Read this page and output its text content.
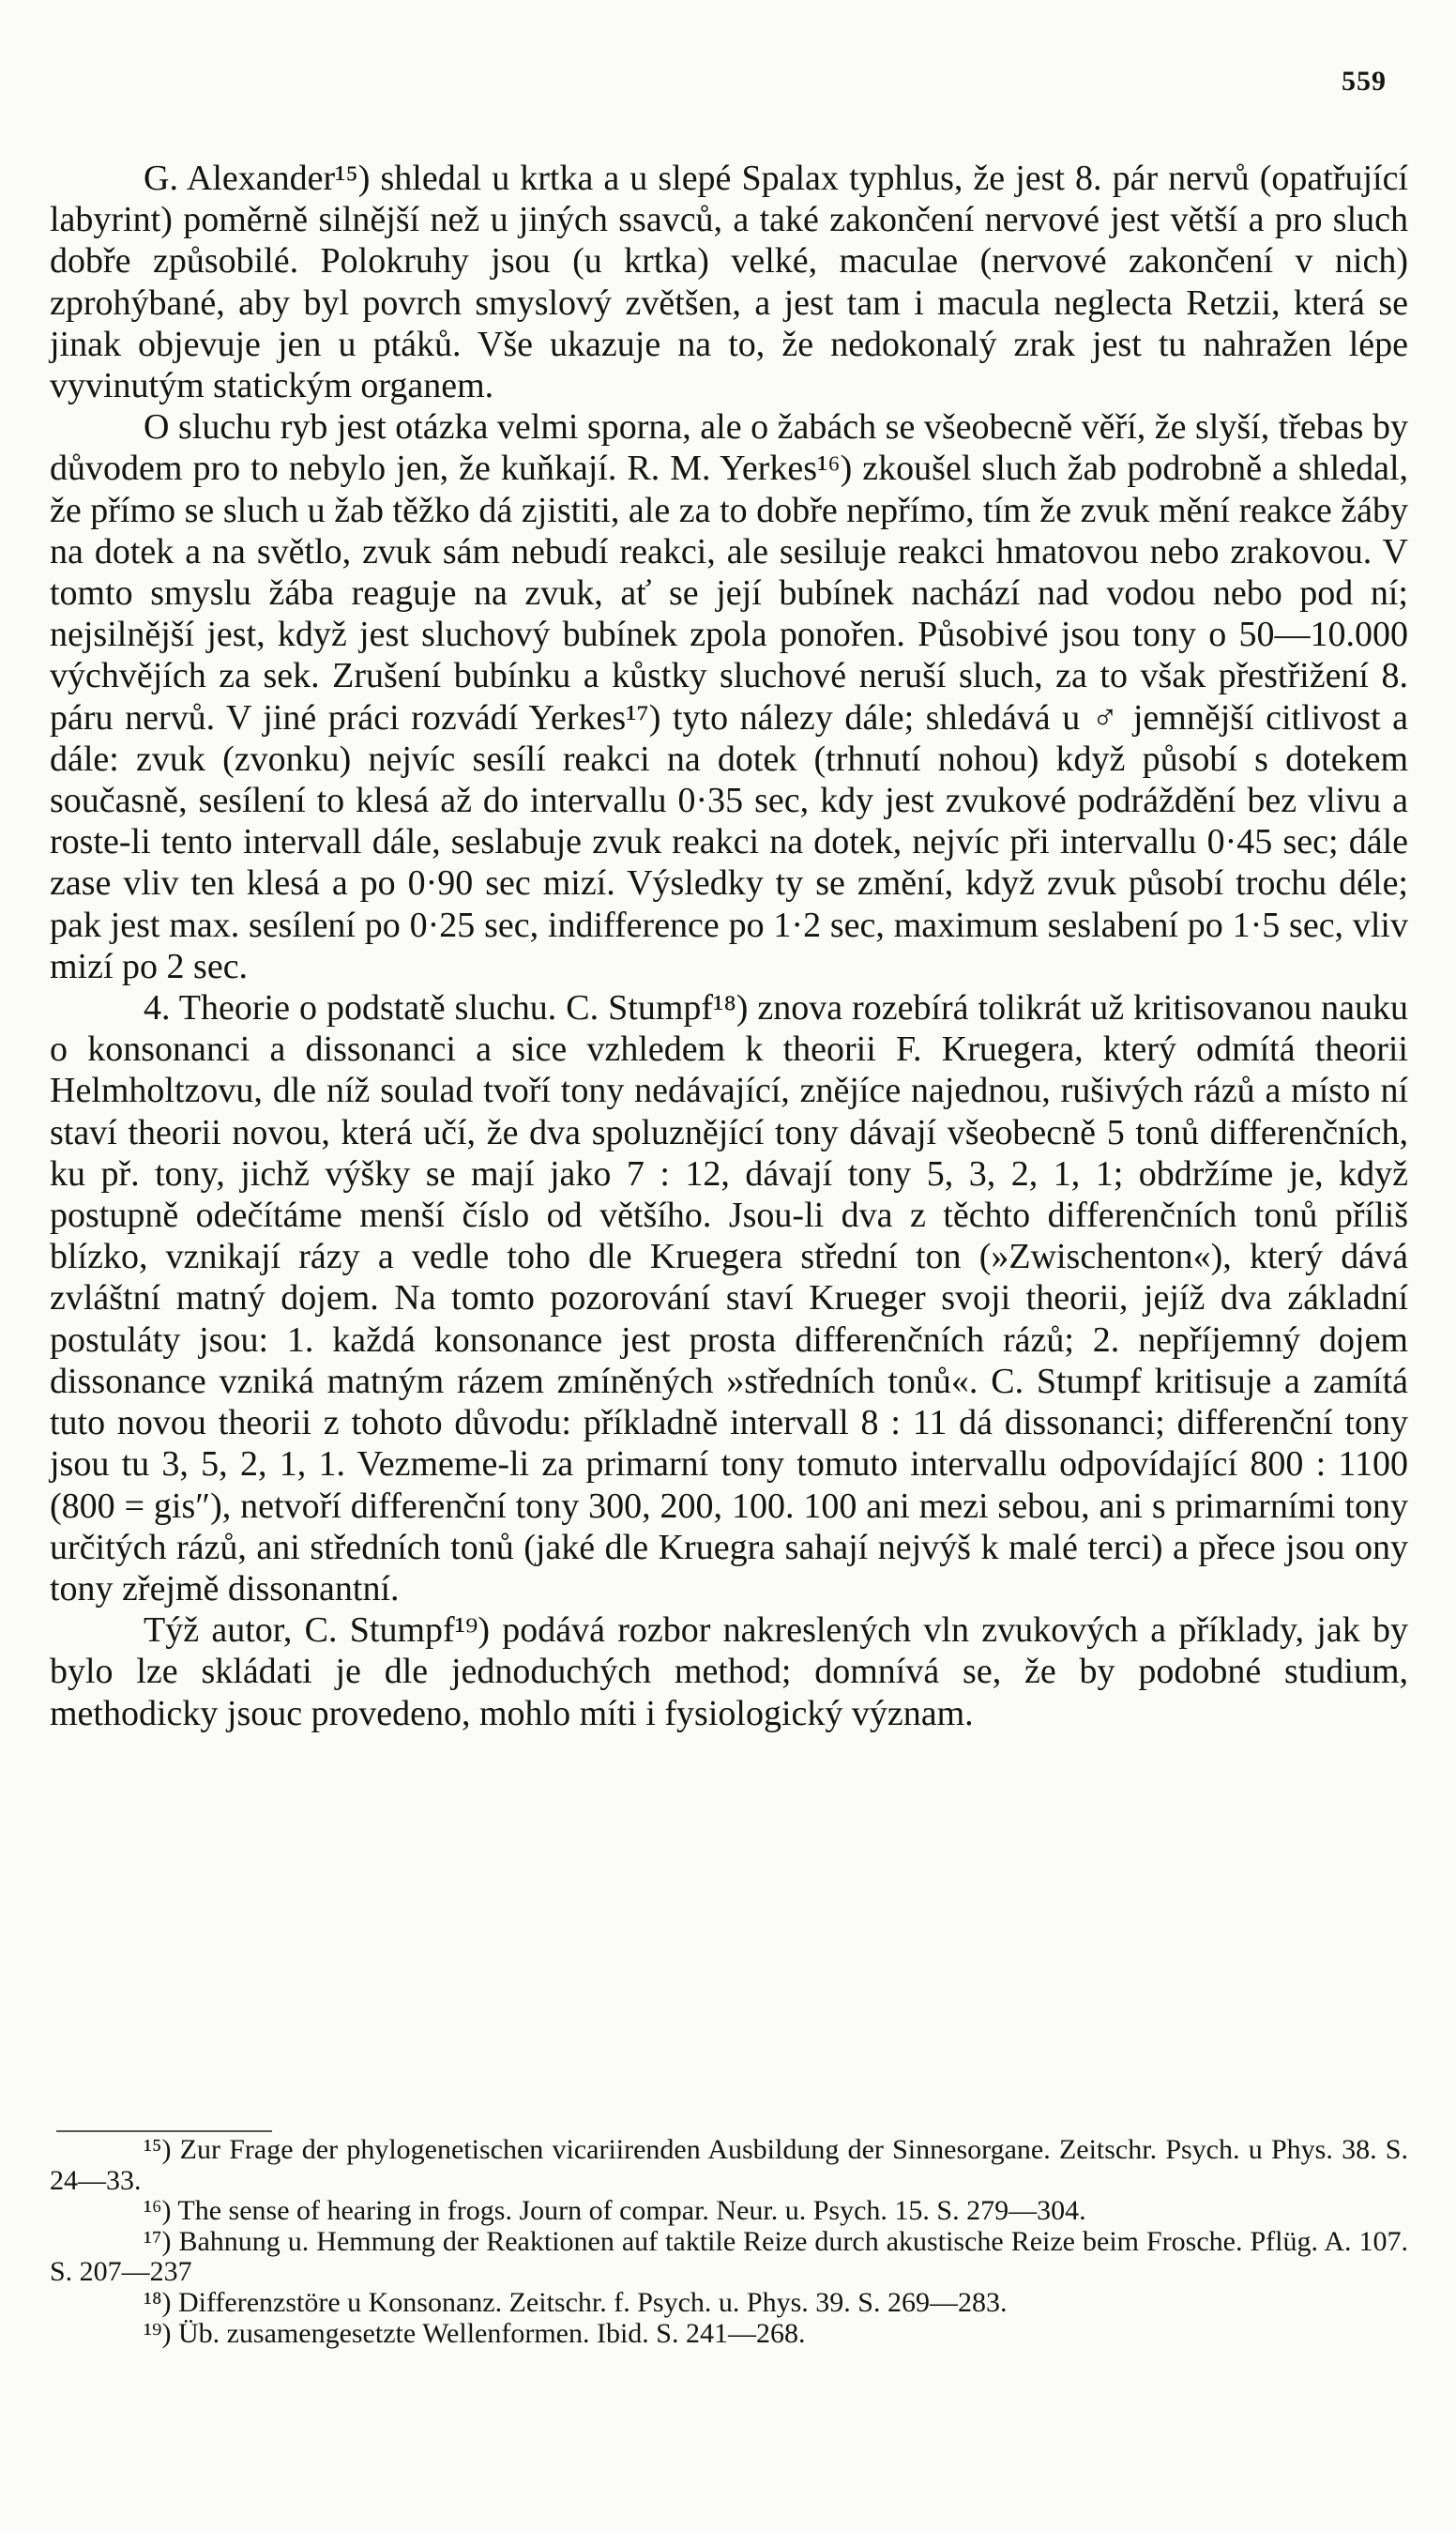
559

G. Alexander¹⁵) shledal u krtka a u slepé Spalax typhlus, že jest 8. pár nervů (opatřující labyrint) poměrně silnější než u jiných ssavců, a také zakončení nervové jest větší a pro sluch dobře způsobilé. Polokruhy jsou (u krtka) velké, maculae (nervové zakončení v nich) zprohýbané, aby byl povrch smyslový zvětšen, a jest tam i macula neglecta Retzii, která se jinak objevuje jen u ptáků. Vše ukazuje na to, že nedokonalý zrak jest tu nahražen lépe vyvinutým statickým organem.

O sluchu ryb jest otázka velmi sporna, ale o žabách se všeobecně věří, že slyší, třebas by důvodem pro to nebylo jen, že kuňkají. R. M. Yerkes¹⁶) zkoušel sluch žab podrobně a shledal, že přímo se sluch u žab těžko dá zjistiti, ale za to dobře nepřímo, tím že zvuk mění reakce žáby na dotek a na světlo, zvuk sám nebudí reakci, ale sesiluje reakci hmatovou nebo zrakovou. V tomto smyslu žába reaguje na zvuk, ať se její bubínek nachází nad vodou nebo pod ní; nejsilnější jest, když jest sluchový bubínek zpola ponořen. Působivé jsou tony o 50—10.000 výchvějích za sek. Zrušení bubínku a kůstky sluchové neruší sluch, za to však přestřižení 8. páru nervů. V jiné práci rozvádí Yerkes¹⁷) tyto nálezy dále; shledává u ♂ jemnější citlivost a dále: zvuk (zvonku) nejvíc sesílí reakci na dotek (trhnutí nohou) když působí s dotekem současně, sesílení to klesá až do intervallu 0·35 sec, kdy jest zvukové podráždění bez vlivu a roste-li tento intervall dále, seslabuje zvuk reakci na dotek, nejvíc při intervallu 0·45 sec; dále zase vliv ten klesá a po 0·90 sec mizí. Výsledky ty se změní, když zvuk působí trochu déle; pak jest max. sesílení po 0·25 sec, indifference po 1·2 sec, maximum seslabení po 1·5 sec, vliv mizí po 2 sec.

4. Theorie o podstatě sluchu. C. Stumpf¹⁸) znova rozebírá tolikrát už kritisovanou nauku o konsonanci a dissonanci a sice vzhledem k theorii F. Kruegera, který odmítá theorii Helmholtzovu, dle níž soulad tvoří tony nedávající, znějíce najednou, rušivých rázů a místo ní staví theorii novou, která učí, že dva spoluznějící tony dávají všeobecně 5 tonů differenčních, ku př. tony, jichž výšky se mají jako 7 : 12, dávají tony 5, 3, 2, 1, 1; obdržíme je, když postupně odečítáme menší číslo od většího. Jsou-li dva z těchto differenčních tonů příliš blízko, vznikají rázy a vedle toho dle Kruegera střední ton (»Zwischenton«), který dává zvláštní matný dojem. Na tomto pozorování staví Krueger svoji theorii, jejíž dva základní postuláty jsou: 1. každá konsonance jest prosta differenčních rázů; 2. nepříjemný dojem dissonance vzniká matným rázem zmíněných »středních tonů«. C. Stumpf kritisuje a zamítá tuto novou theorii z tohoto důvodu: příkladně intervall 8 : 11 dá dissonanci; differenční tony jsou tu 3, 5, 2, 1, 1. Vezmeme-li za primarní tony tomuto intervallu odpovídající 800 : 1100 (800 = gis″), netvoří differenční tony 300, 200, 100. 100 ani mezi sebou, ani s primarními tony určitých rázů, ani středních tonů (jaké dle Kruegra sahají nejvýš k malé terci) a přece jsou ony tony zřejmě dissonantní.

Týž autor, C. Stumpf¹⁹) podává rozbor nakreslených vln zvukových a příklady, jak by bylo lze skládati je dle jednoduchých method; domnívá se, že by podobné studium, methodicky jsouc provedeno, mohlo míti i fysiologický význam.

¹⁵) Zur Frage der phylogenetischen vicariirenden Ausbildung der Sinnesorgane. Zeitschr. Psych. u Phys. 38. S. 24—33.

¹⁶) The sense of hearing in frogs. Journ of compar. Neur. u. Psych. 15. S. 279—304.

¹⁷) Bahnung u. Hemmung der Reaktionen auf taktile Reize durch akustische Reize beim Frosche. Pflüg. A. 107. S. 207—237

¹⁸) Differenzstöre u Konsonanz. Zeitschr. f. Psych. u. Phys. 39. S. 269—283.

¹⁹) Üb. zusamengesetzte Wellenformen. Ibid. S. 241—268.
